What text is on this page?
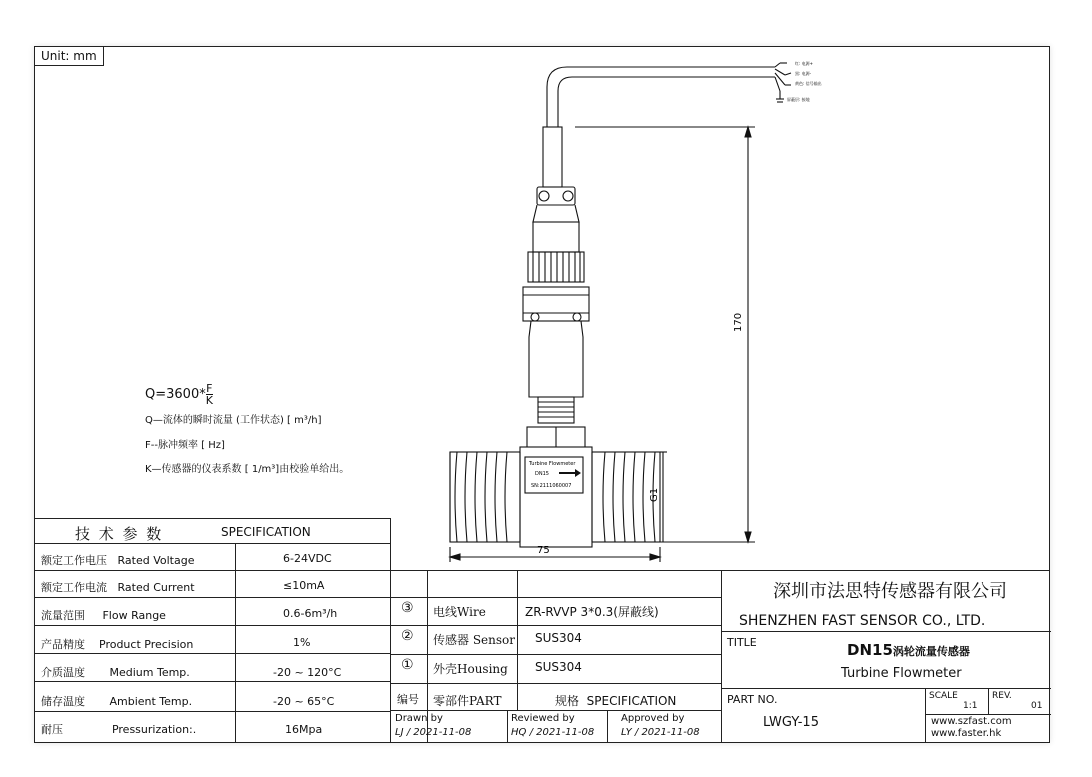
Unit: mm
$Q=3600* \frac{F}{K}$
Q—流体的瞬时流量 (工作状态) [ m³/h]
F--脉冲频率 [ Hz]
K—传感器的仪表系数 [ 1/m³]由校验单给出。
170
G1
75
Turbine Flowmeter
DN15
SN:2111060007
红: 电源+
黑: 电源-
黄色: 信号输出
屏蔽层: 接地
技 术 参 数	SPECIFICATION
额定工作电压 Rated Voltage	6-24VDC
额定工作电流 Rated Current	≤10mA
流量范围 Flow Range	0.6-6m³/h
产品精度 Product Precision	1%
介质温度 Medium Temp.	-20 ~ 120°C
储存温度 Ambient Temp.	-20 ~ 65°C
耐压	Pressurization:.	16Mpa
③ 电线Wire	ZR-RVVP 3*0.3(屏蔽线)
② 传感器 Sensor SUS304
① 外壳Housing SUS304
编号 零部件PART	规格 SPECIFICATION
Drawn by
LJ / 2021-11-08
Reviewed by
HQ / 2021-11-08
Approved by
LY / 2021-11-08
深圳市法思特传感器有限公司
SHENZHEN FAST SENSOR CO., LTD.
TITLE	DN15涡轮流量传感器
Turbine Flowmeter
PART NO.
LWGY-15
SCALE
1:1
REV.
01
www.szfast.com
www.faster.hk
